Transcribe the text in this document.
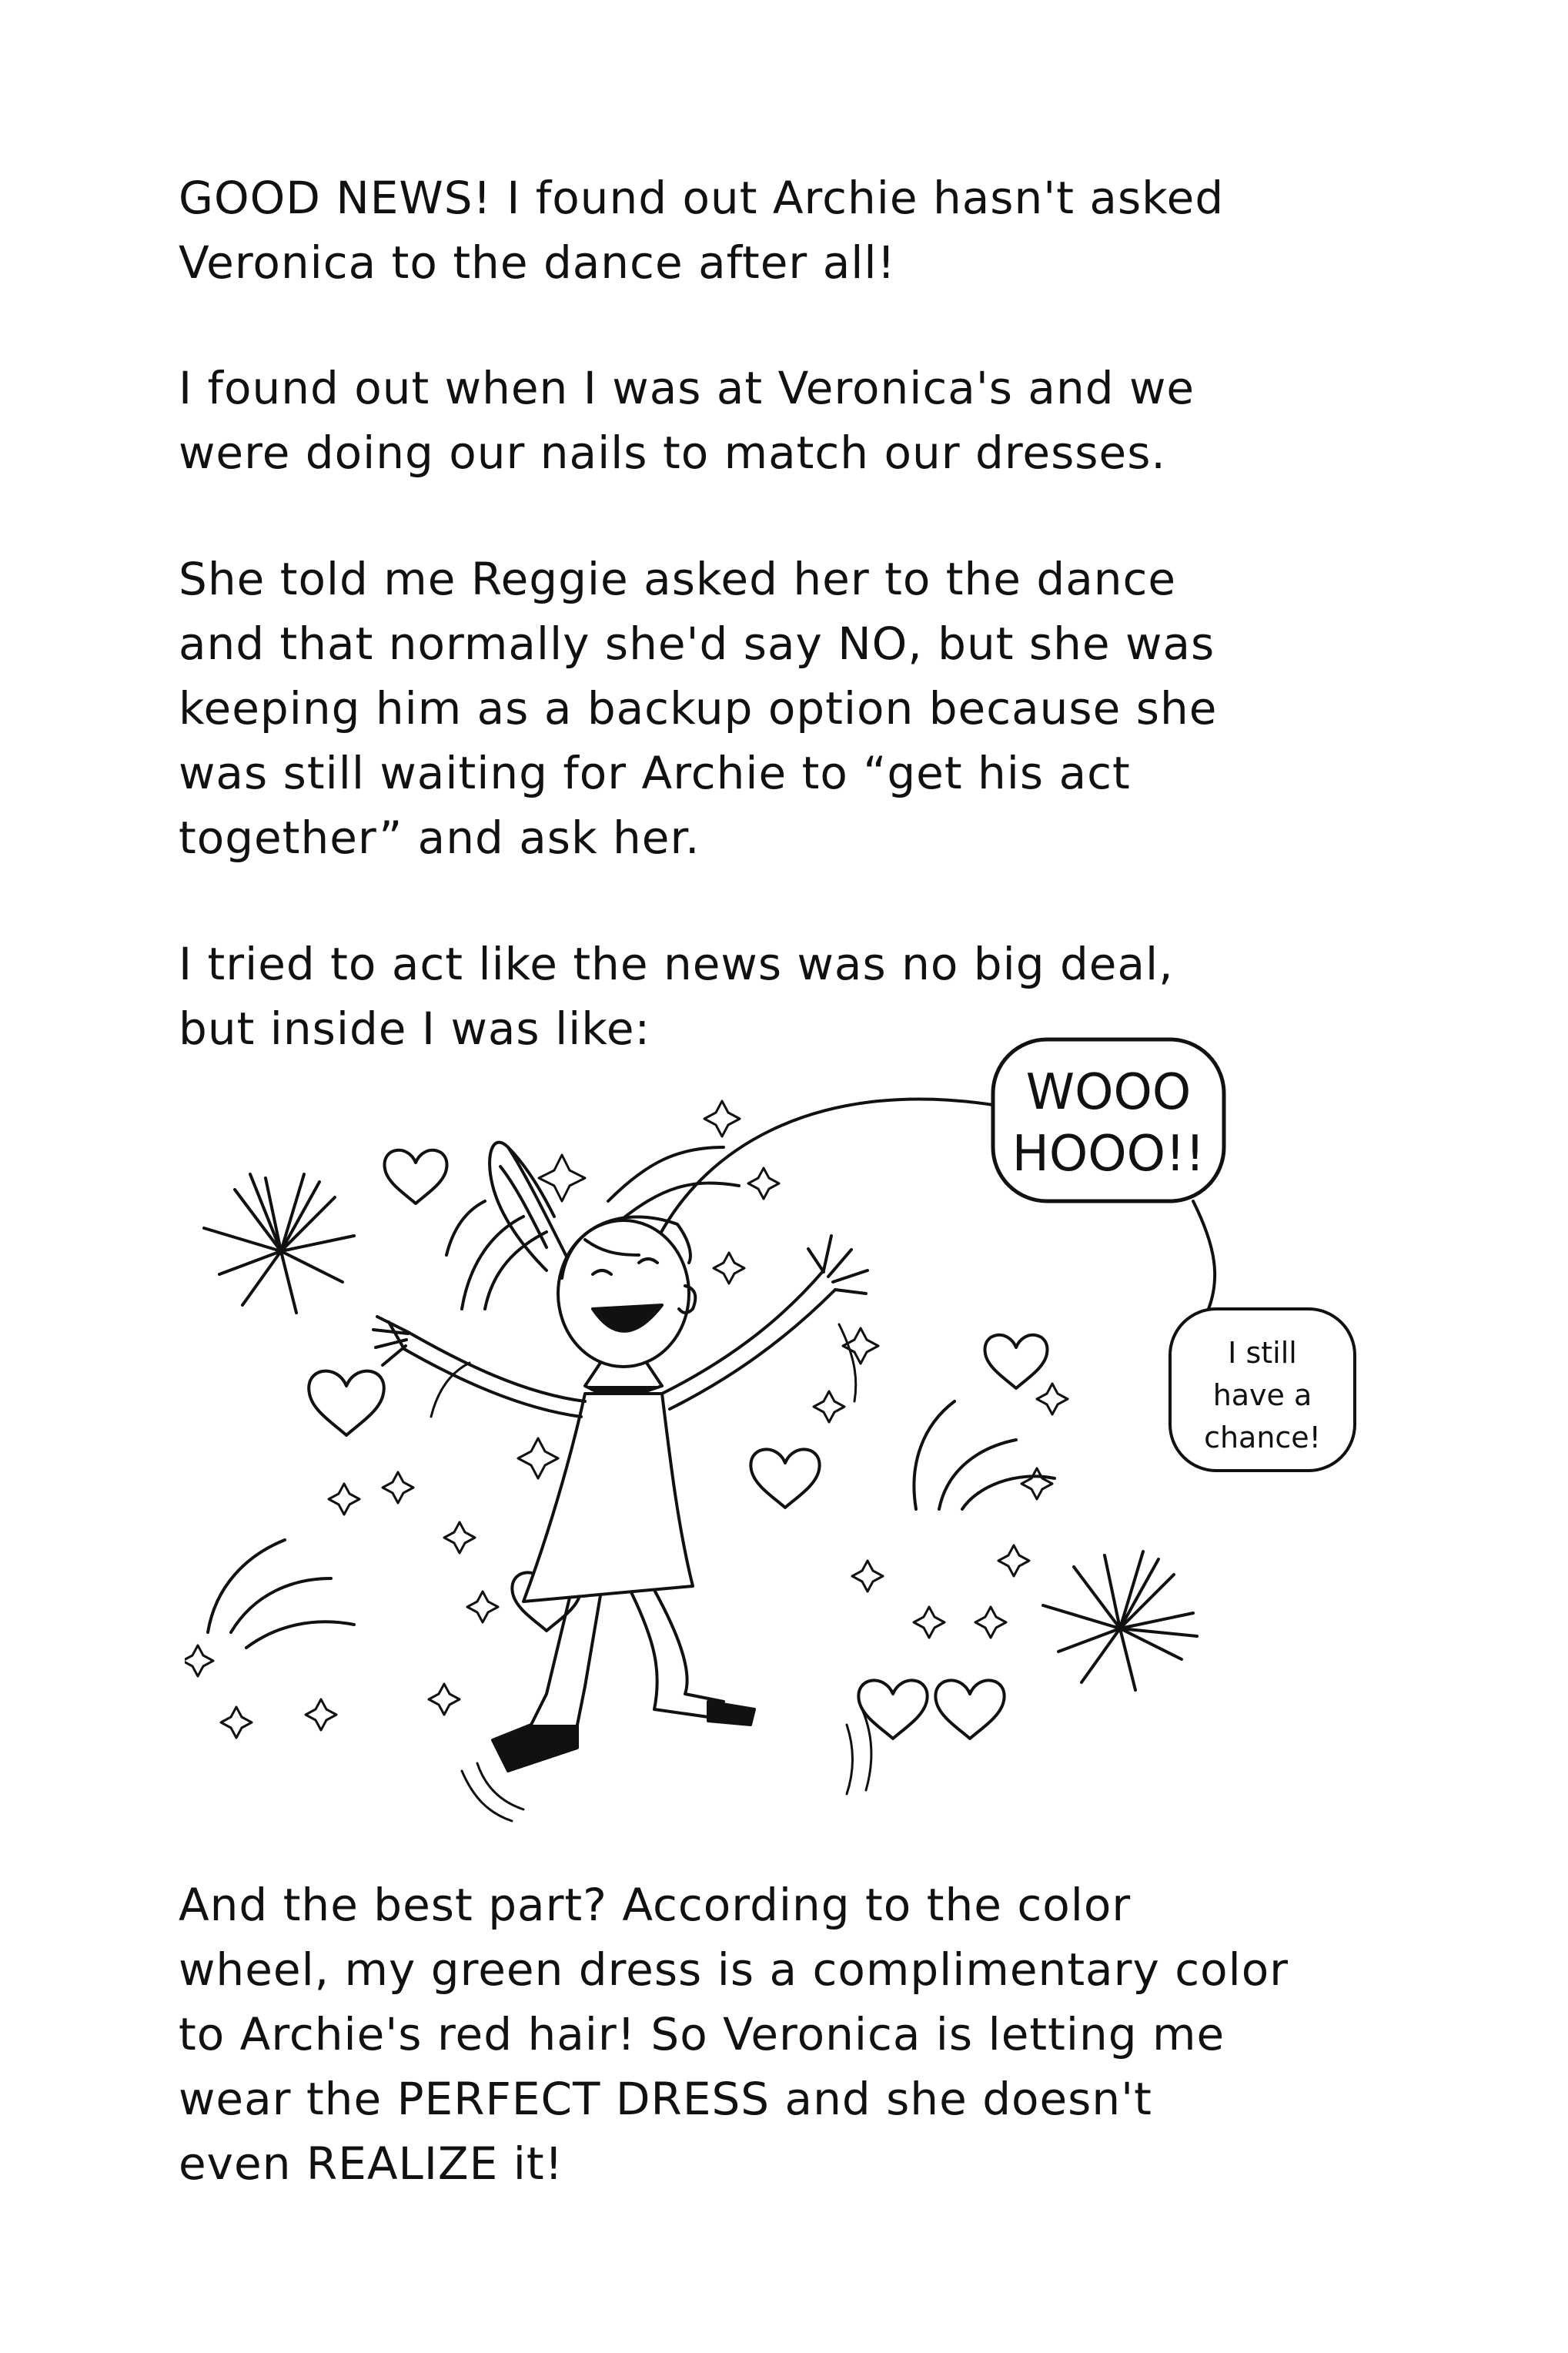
GOOD NEWS! I found out Archie hasn't asked
Veronica to the dance after all!
I found out when I was at Veronica's and we
were doing our nails to match our dresses.
She told me Reggie asked her to the dance
and that normally she'd say NO, but she was
keeping him as a backup option because she
was still waiting for Archie to “get his act
together” and ask her.
I tried to act like the news was no big deal,
but inside I was like:
WOOO
HOOO!!
I still
have a
chance!
And the best part? According to the color
wheel, my green dress is a complimentary color
to Archie's red hair! So Veronica is letting me
wear the PERFECT DRESS and she doesn't
even REALIZE it!
